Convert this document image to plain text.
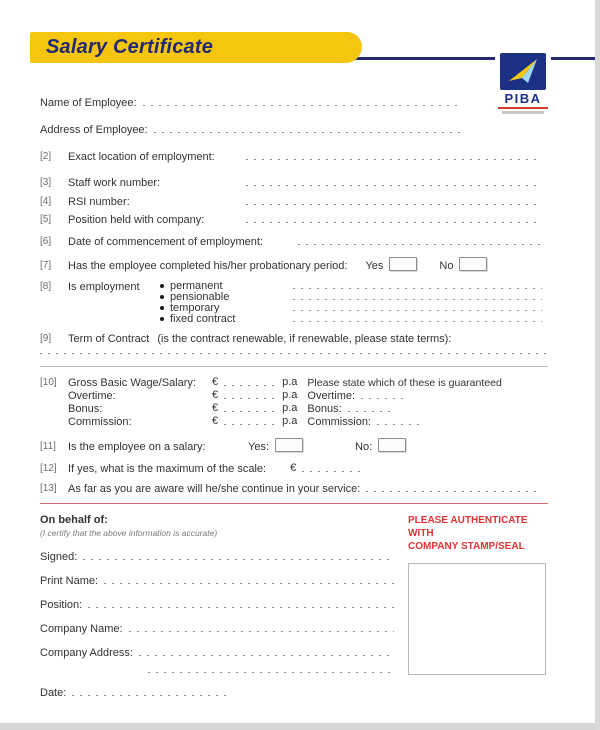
Salary Certificate
PIBA
Name of Employee:
Address of Employee:
[2]	Exact location of employment:
[3]	Staff work number:
[4]	RSI number:
[5]	Position held with company:
[6]	Date of commencement of employment:
[7]	Has the employee completed his/her probationary period: Yes	No
[8]	Is employment	permanent
pensionable
temporary
fixed contract
[9]	Term of Contract (is the contract renewable, if renewable, please state terms):
[10]	Gross Basic Wage/Salary:	€	p.a Please state which of these is guaranteed
Overtime:	€	p.a Overtime:
Bonus:	€	p.a Bonus:
Commission:	€	p.a Commission:
[11]	Is the employee on a salary:	Yes:	No:
[12]	If yes, what is the maximum of the scale: €
[13]	As far as you are aware will he/she continue in your service:
On behalf of:
(I certify that the above information is accurate)
Signed:
Print Name:
Position:
Company Name:
Company Address:
Date:
PLEASE AUTHENTICATE
WITH
COMPANY STAMP/SEAL
